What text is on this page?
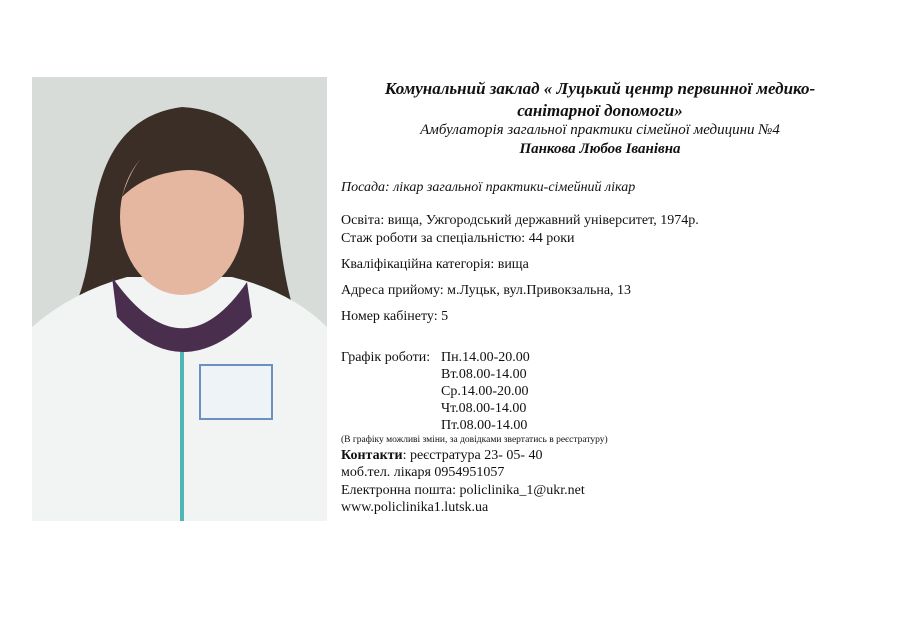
Комунальний заклад « Луцький центр первинної медико-
санітарної допомоги»
Амбулаторія загальної практики сімейної медицини №4
Панкова Любов Іванівна
Посада: лікар загальної практики-сімейний лікар
Освіта: вища, Ужгородський державний університет, 1974р.
Стаж роботи за спеціальністю: 44 роки
Кваліфікаційна категорія: вища
Адреса прийому: м.Луцьк, вул.Привокзальна, 13
Номер кабінету: 5
Графік роботи: Пн.14.00-20.00
Вт.08.00-14.00
Ср.14.00-20.00
Чт.08.00-14.00
Пт.08.00-14.00
(В графіку можливі зміни, за довідками звертатись в реєстратуру)
Контакти: реєстратура 23- 05- 40
моб.тел. лікаря 0954951057
Електронна пошта: policlinika_1@ukr.net
www.policlinika1.lutsk.ua
